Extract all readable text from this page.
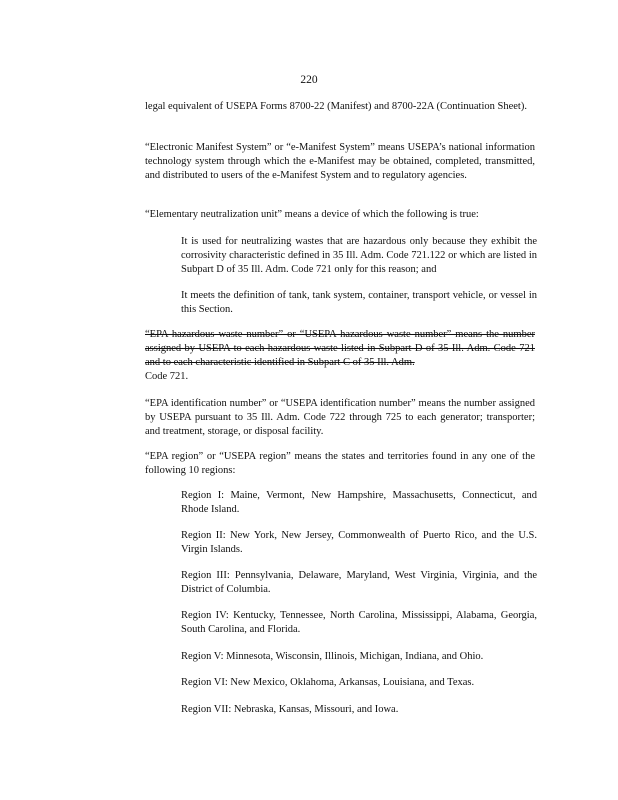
220
legal equivalent of USEPA Forms 8700-22 (Manifest) and 8700-22A (Continuation Sheet).
“Electronic Manifest System” or “e-Manifest System” means USEPA’s national information technology system through which the e-Manifest may be obtained, completed, transmitted, and distributed to users of the e-Manifest System and to regulatory agencies.
“Elementary neutralization unit” means a device of which the following is true:
It is used for neutralizing wastes that are hazardous only because they exhibit the corrosivity characteristic defined in 35 Ill. Adm. Code 721.122 or which are listed in Subpart D of 35 Ill. Adm. Code 721 only for this reason; and
It meets the definition of tank, tank system, container, transport vehicle, or vessel in this Section.
“EPA hazardous waste number” or “USEPA hazardous waste number” means the number assigned by USEPA to each hazardous waste listed in Subpart D of 35 Ill. Adm. Code 721 and to each characteristic identified in Subpart C of 35 Ill. Adm.
Code 721.
“EPA identification number” or “USEPA identification number” means the number assigned by USEPA pursuant to 35 Ill. Adm. Code 722 through 725 to each generator; transporter; and treatment, storage, or disposal facility.
“EPA region” or “USEPA region” means the states and territories found in any one of the following 10 regions:
Region I: Maine, Vermont, New Hampshire, Massachusetts, Connecticut, and Rhode Island.
Region II: New York, New Jersey, Commonwealth of Puerto Rico, and the U.S. Virgin Islands.
Region III: Pennsylvania, Delaware, Maryland, West Virginia, Virginia, and the District of Columbia.
Region IV: Kentucky, Tennessee, North Carolina, Mississippi, Alabama, Georgia, South Carolina, and Florida.
Region V: Minnesota, Wisconsin, Illinois, Michigan, Indiana, and Ohio.
Region VI: New Mexico, Oklahoma, Arkansas, Louisiana, and Texas.
Region VII: Nebraska, Kansas, Missouri, and Iowa.
